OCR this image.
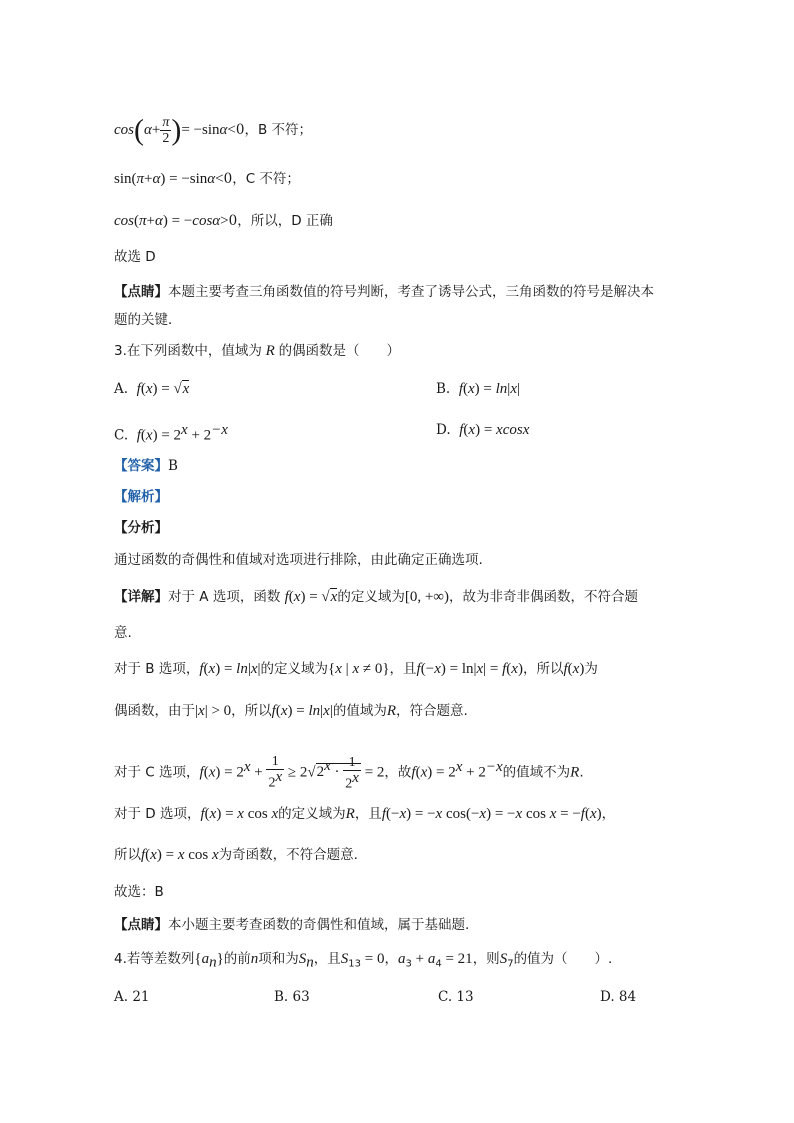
$\cos(\alpha+ \frac{\pi}{2}$ )= −sinα<0，B 不符；
sin(π+α) = −sinα<0，C 不符；
cos(π+α) = −cosα>0，所以，D 正确
故选 D
【点睛】本题主要考查三角函数值的符号判断，考查了诱导公式，三角函数的符号是解决本
题的关键．
3.在下列函数中，值域为 R 的偶函数是（　　）
A. f(x) = √x	B. f(x) = ln|x|
C. $f(x) = 2^x + 2^{-x}$	D. f(x) = xcosx
【答案】B
【解析】
【分析】
通过函数的奇偶性和值域对选项进行排除，由此确定正确选项.
【详解】对于 A 选项，函数 f(x) = √x的定义域为[0, +∞)，故为非奇非偶函数，不符合题
意.
对于 B 选项，f(x) = ln|x|的定义域为{x | x ≠ 0}，且f(−x) = ln|x| = f(x)，所以f(x)为
偶函数，由于|x| > 0，所以f(x) = ln|x|的值域为R，符合题意.
对于 C 选项，$f(x) = 2^x + \frac{1}{2^x} \ge 2√2^x \cdot \frac{1}{2^x} = 2$，故$f(x) = 2^x + 2^{-x}$的值域不为R.
对于 D 选项，f(x) = x cos x的定义域为R，且f(−x) = −x cos(−x) = −x cos x = −f(x)，
所以f(x) = x cos x为奇函数，不符合题意.
故选：B
【点睛】本小题主要考查函数的奇偶性和值域，属于基础题.
4.若等差数列$\{a_n\}$的前n项和为$S_n$，且$S_{13} = 0$，$a_3 + a_4 = 21$，则$S_7$的值为（　　）.
A. 21	B. 63	C. 13	D. 84
